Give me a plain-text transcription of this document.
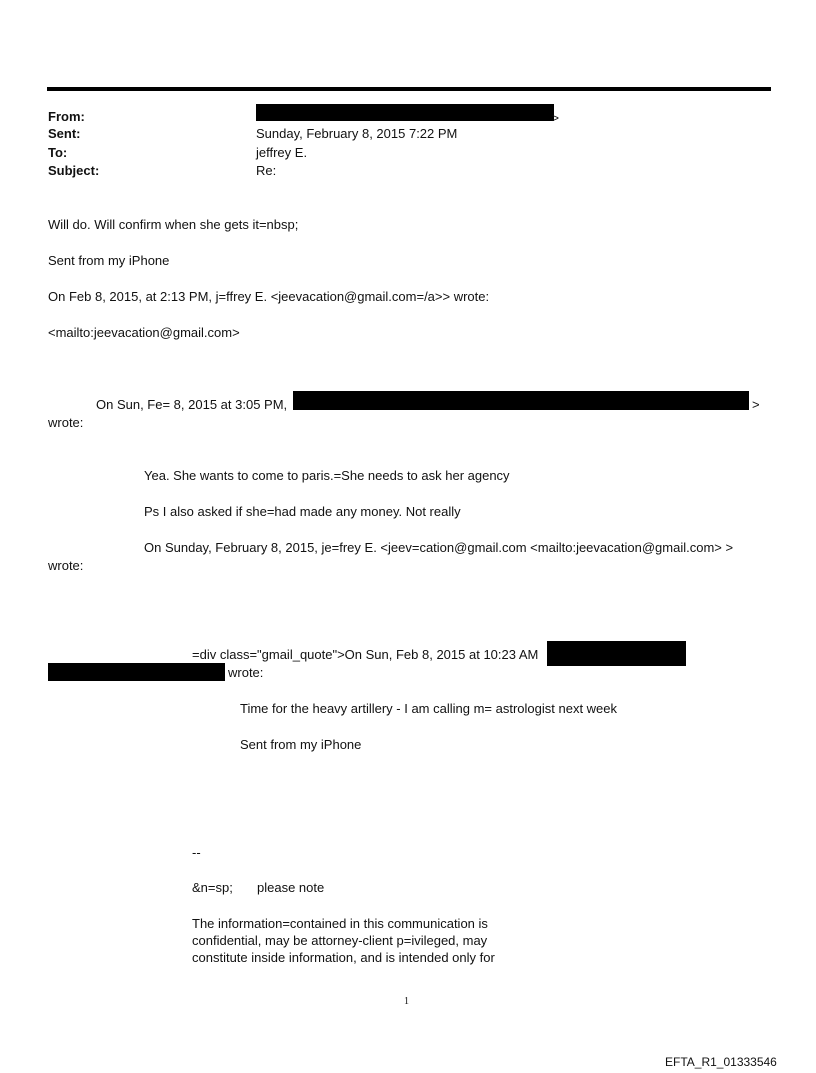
From:	>
Sent:	Sunday, February 8, 2015 7:22 PM
To:	jeffrey E.
Subject:	Re:
Will do. Will confirm when she gets it=nbsp;
Sent from my iPhone
On Feb 8, 2015, at 2:13 PM, j=ffrey E. <jeevacation@gmail.com=/a>> wrote:
<mailto:jeevacation@gmail.com>
On Sun, Fe= 8, 2015 at 3:05 PM,	>
wrote:
Yea. She wants to come to paris.=She needs to ask her agency
Ps I also asked if she=had made any money. Not really
On Sunday, February 8, 2015, je=frey E. <jeev=cation@gmail.com <mailto:jeevacation@gmail.com> >
wrote:
=div class="gmail_quote">On Sun, Feb 8, 2015 at 10:23 AM
wrote:
Time for the heavy artillery - I am calling m= astrologist next week
Sent from my iPhone
--
&n=sp; please note
The information=contained in this communication is
confidential, may be attorney-client p=ivileged, may
constitute inside information, and is intended only for
1
EFTA_R1_01333546
